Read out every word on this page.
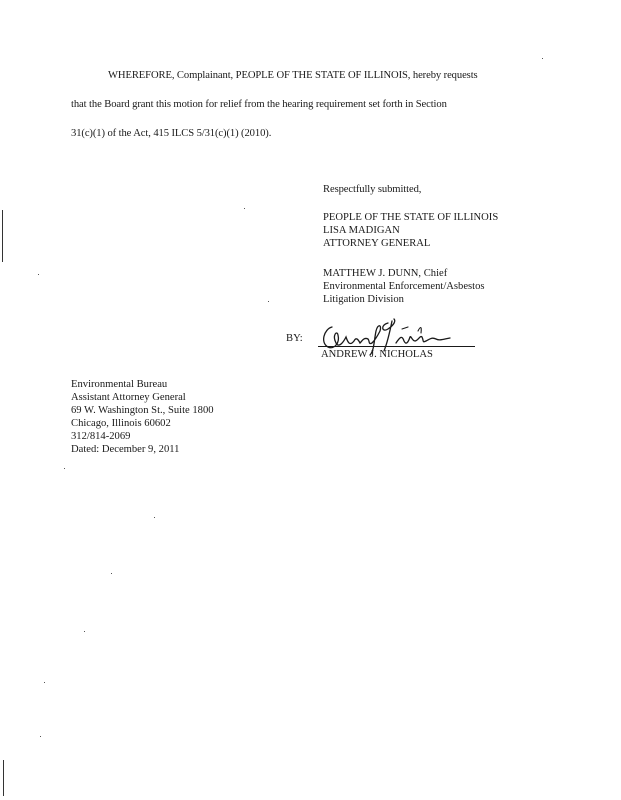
WHEREFORE, Complainant, PEOPLE OF THE STATE OF ILLINOIS, hereby requests
that the Board grant this motion for relief from the hearing requirement set forth in Section
31(c)(1) of the Act, 415 ILCS 5/31(c)(1) (2010).
Respectfully submitted,
PEOPLE OF THE STATE OF ILLINOIS
LISA MADIGAN
ATTORNEY GENERAL
MATTHEW J. DUNN, Chief
Environmental Enforcement/Asbestos
Litigation Division
BY:
ANDREW J. NICHOLAS
Environmental Bureau
Assistant Attorney General
69 W. Washington St., Suite 1800
Chicago, Illinois 60602
312/814-2069
Dated: December 9, 2011
